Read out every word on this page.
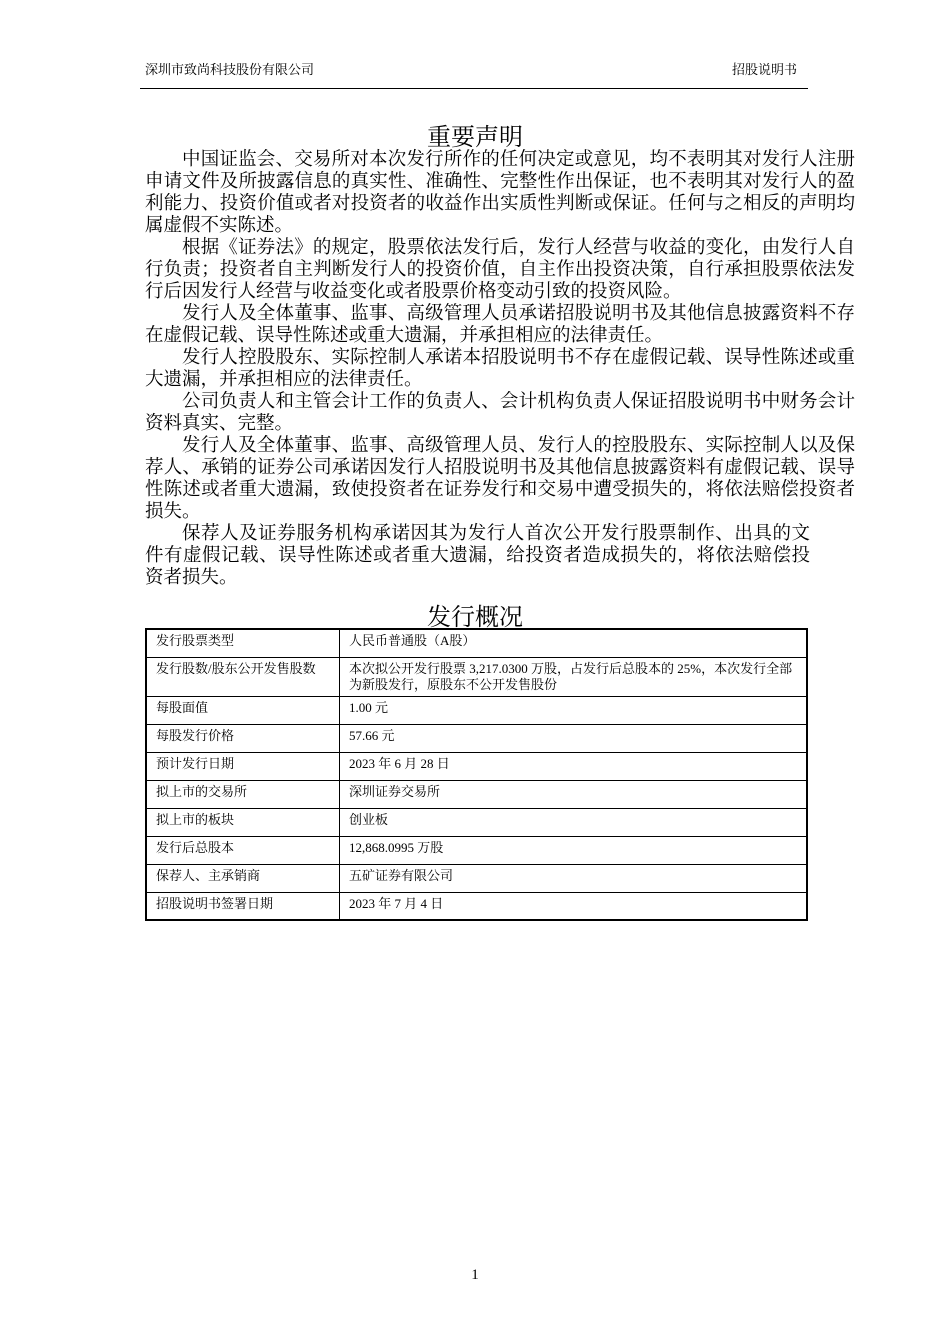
深圳市致尚科技股份有限公司	招股说明书
重要声明

中国证监会、交易所对本次发行所作的任何决定或意见，均不表明其对发行人注册申请文件及所披露信息的真实性、准确性、完整性作出保证，也不表明其对发行人的盈利能力、投资价值或者对投资者的收益作出实质性判断或保证。任何与之相反的声明均属虚假不实陈述。

根据《证券法》的规定，股票依法发行后，发行人经营与收益的变化，由发行人自行负责；投资者自主判断发行人的投资价值，自主作出投资决策，自行承担股票依法发行后因发行人经营与收益变化或者股票价格变动引致的投资风险。

发行人及全体董事、监事、高级管理人员承诺招股说明书及其他信息披露资料不存在虚假记载、误导性陈述或重大遗漏，并承担相应的法律责任。

发行人控股股东、实际控制人承诺本招股说明书不存在虚假记载、误导性陈述或重大遗漏，并承担相应的法律责任。

公司负责人和主管会计工作的负责人、会计机构负责人保证招股说明书中财务会计资料真实、完整。

发行人及全体董事、监事、高级管理人员、发行人的控股股东、实际控制人以及保荐人、承销的证券公司承诺因发行人招股说明书及其他信息披露资料有虚假记载、误导性陈述或者重大遗漏，致使投资者在证券发行和交易中遭受损失的，将依法赔偿投资者损失。

保荐人及证券服务机构承诺因其为发行人首次公开发行股票制作、出具的文件有虚假记载、误导性陈述或者重大遗漏，给投资者造成损失的，将依法赔偿投资者损失。

发行概况
发行股票类型	人民币普通股（A股）
发行股数/股东公开发售股数	本次拟公开发行股票 3,217.0300 万股，占发行后总股本的 25%，本次发行全部为新股发行，原股东不公开发售股份
每股面值	1.00 元
每股发行价格	57.66 元
预计发行日期	2023 年 6 月 28 日
拟上市的交易所	深圳证券交易所
拟上市的板块	创业板
发行后总股本	12,868.0995 万股
保荐人、主承销商	五矿证券有限公司
招股说明书签署日期	2023 年 7 月 4 日
1
